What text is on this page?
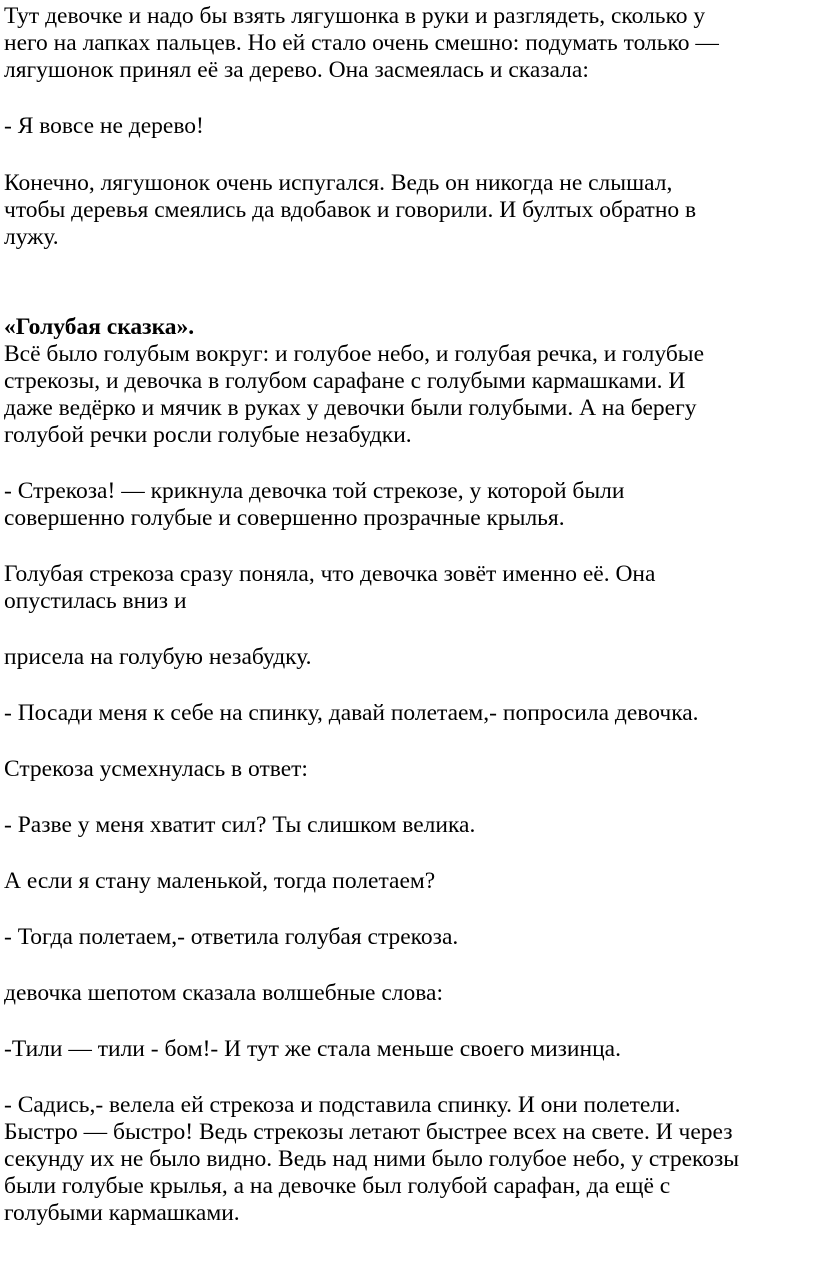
Тут девочке и надо бы взять лягушонка в руки и разглядеть, сколько у
него на лапках пальцев. Но ей стало очень смешно: подумать только —
лягушонок принял её за дерево. Она засмеялась и сказала:
- Я вовсе не дерево!
Конечно, лягушонок очень испугался. Ведь он никогда не слышал,
чтобы деревья смеялись да вдобавок и говорили. И бултых обратно в
лужу.
«Голубая сказка».
Всё было голубым вокруг: и голубое небо, и голубая речка, и голубые
стрекозы, и девочка в голубом сарафане с голубыми кармашками. И
даже ведёрко и мячик в руках у девочки были голубыми. А на берегу
голубой речки росли голубые незабудки.
- Стрекоза! — крикнула девочка той стрекозе, у которой были
совершенно голубые и совершенно прозрачные крылья.
Голубая стрекоза сразу поняла, что девочка зовёт именно её. Она
опустилась вниз и
присела на голубую незабудку.
- Посади меня к себе на спинку, давай полетаем,- попросила девочка.
Стрекоза усмехнулась в ответ:
- Разве у меня хватит сил? Ты слишком велика.
А если я стану маленькой, тогда полетаем?
- Тогда полетаем,- ответила голубая стрекоза.
девочка шепотом сказала волшебные слова:
-Тили — тили - бом!- И тут же стала меньше своего мизинца.
- Садись,- велела ей стрекоза и подставила спинку. И они полетели.
Быстро — быстро! Ведь стрекозы летают быстрее всех на свете. И через
секунду их не было видно. Ведь над ними было голубое небо, у стрекозы
были голубые крылья, а на девочке был голубой сарафан, да ещё с
голубыми кармашками.
